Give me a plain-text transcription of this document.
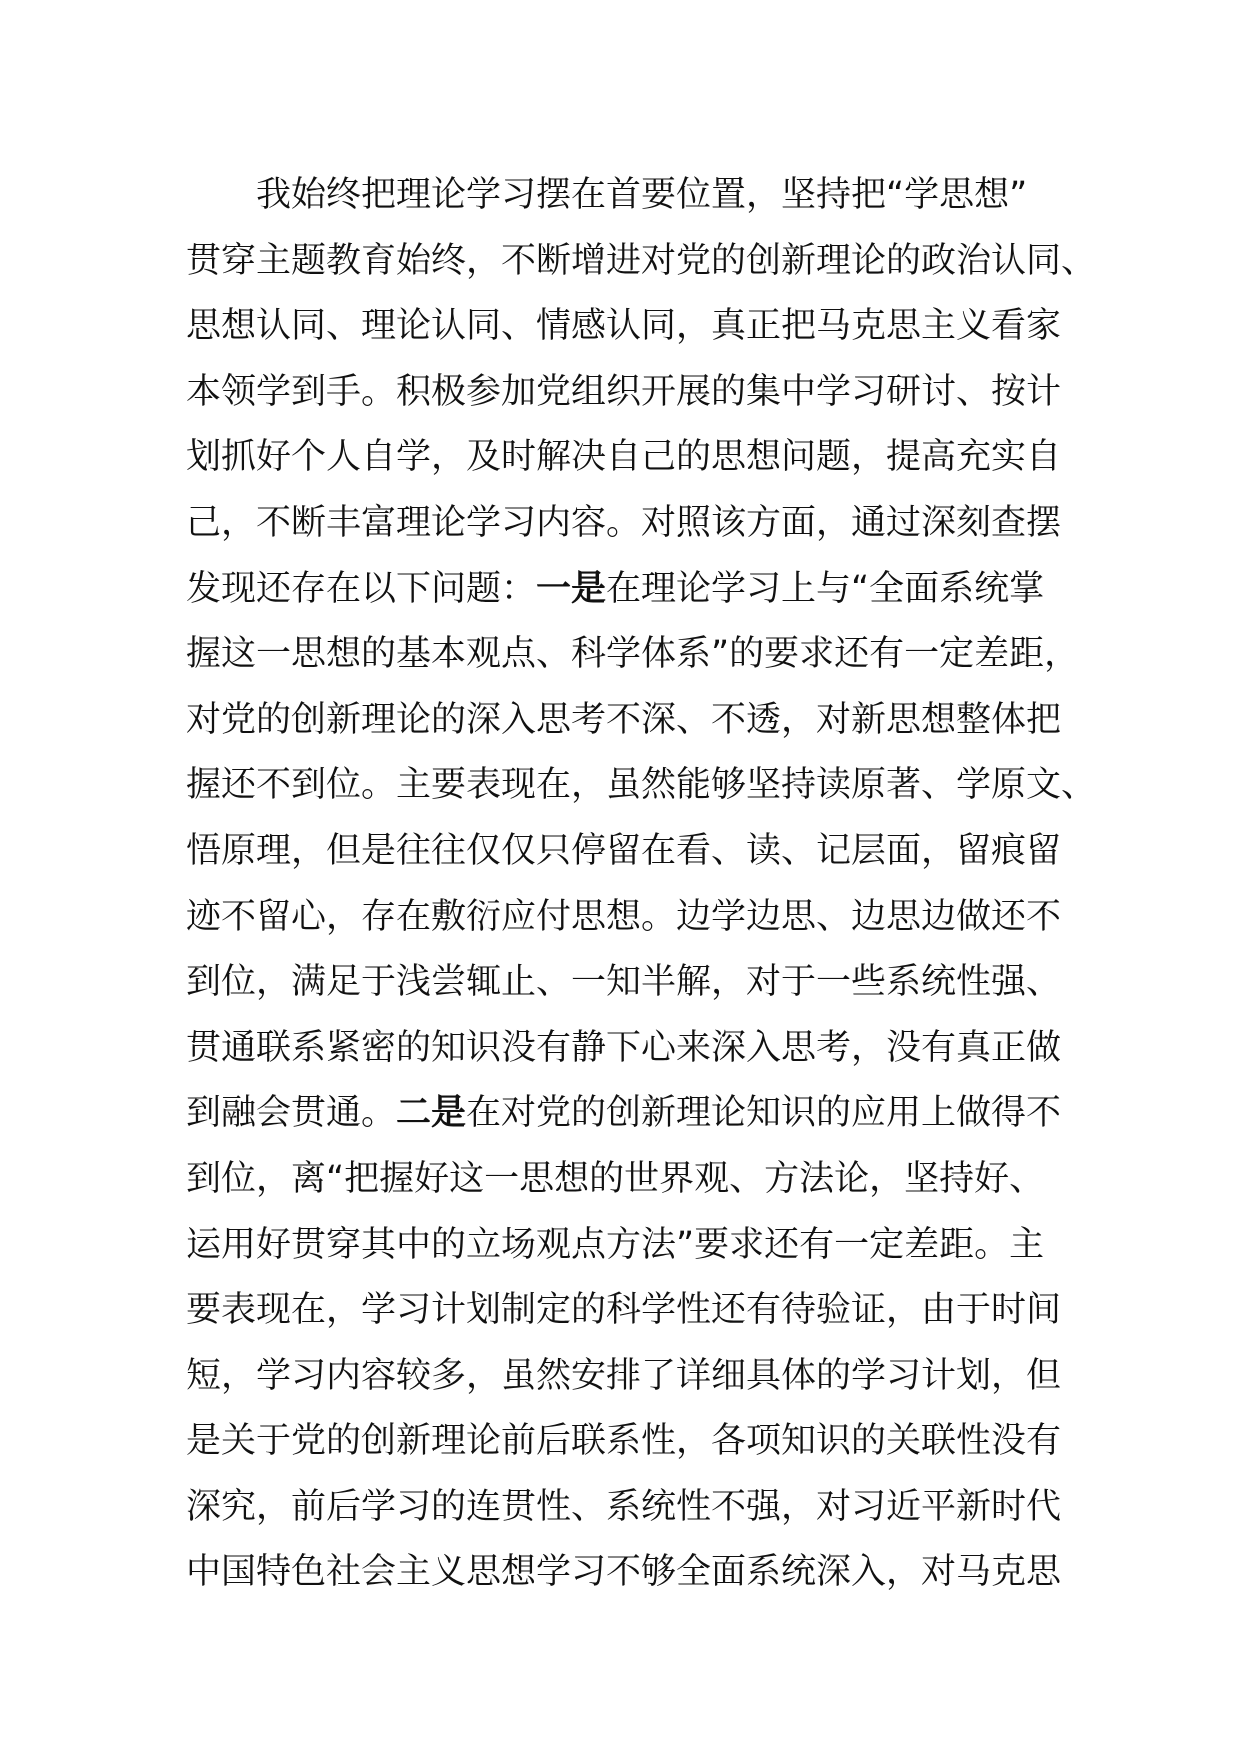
我始终把理论学习摆在首要位置，坚持把“学思想”
贯穿主题教育始终，不断增进对党的创新理论的政治认同、
思想认同、理论认同、情感认同，真正把马克思主义看家
本领学到手。积极参加党组织开展的集中学习研讨、按计
划抓好个人自学，及时解决自己的思想问题，提高充实自
己，不断丰富理论学习内容。对照该方面，通过深刻查摆
发现还存在以下问题：一是在理论学习上与“全面系统掌
握这一思想的基本观点、科学体系”的要求还有一定差距，
对党的创新理论的深入思考不深、不透，对新思想整体把
握还不到位。主要表现在，虽然能够坚持读原著、学原文、
悟原理，但是往往仅仅只停留在看、读、记层面，留痕留
迹不留心，存在敷衍应付思想。边学边思、边思边做还不
到位，满足于浅尝辄止、一知半解，对于一些系统性强、
贯通联系紧密的知识没有静下心来深入思考，没有真正做
到融会贯通。二是在对党的创新理论知识的应用上做得不
到位，离“把握好这一思想的世界观、方法论，坚持好、
运用好贯穿其中的立场观点方法”要求还有一定差距。主
要表现在，学习计划制定的科学性还有待验证，由于时间
短，学习内容较多，虽然安排了详细具体的学习计划，但
是关于党的创新理论前后联系性，各项知识的关联性没有
深究，前后学习的连贯性、系统性不强，对习近平新时代
中国特色社会主义思想学习不够全面系统深入，对马克思
